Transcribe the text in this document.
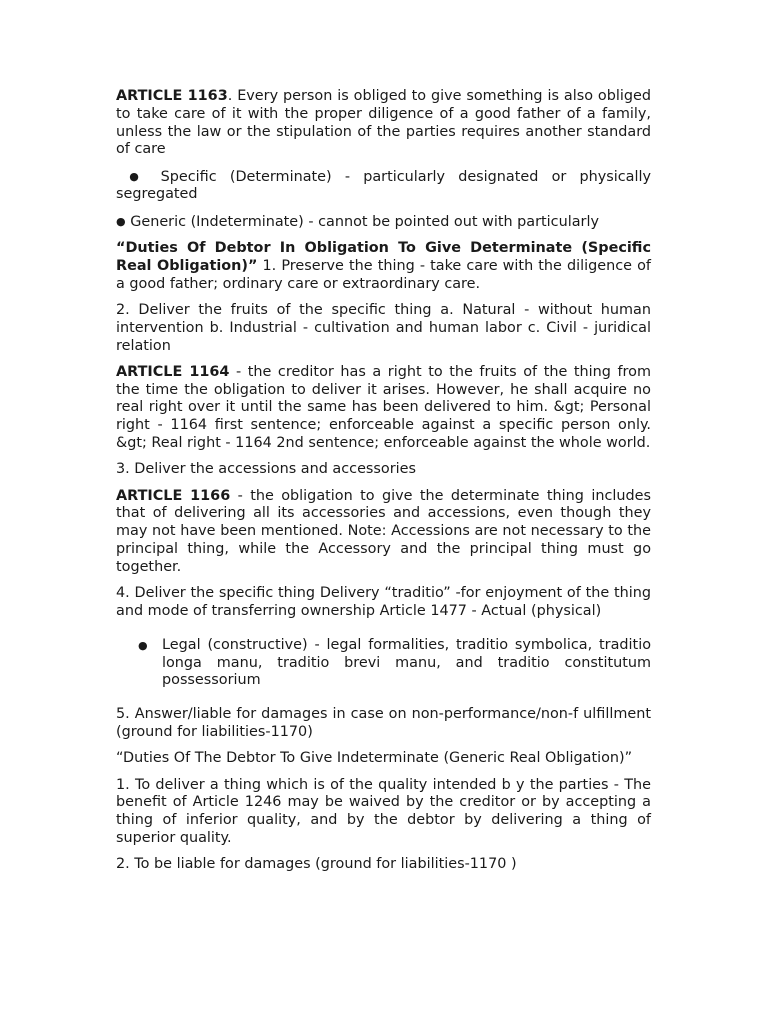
ARTICLE 1163. Every person is obliged to give something is also obliged to take care of it with the proper diligence of a good father of a family, unless the law or the stipulation of the parties requires another standard of care

● Specific (Determinate) - particularly designated or physically segregated

● Generic (Indeterminate) - cannot be pointed out with particularly

“Duties Of Debtor In Obligation To Give Determinate (Specific Real Obligation)” 1. Preserve the thing - take care with the diligence of a good father; ordinary care or extraordinary care.

2. Deliver the fruits of the specific thing a. Natural - without human intervention b. Industrial - cultivation and human labor c. Civil - juridical relation

ARTICLE 1164 - the creditor has a right to the fruits of the thing from the time the obligation to deliver it arises. However, he shall acquire no real right over it until the same has been delivered to him. &gt; Personal right - 1164 first sentence; enforceable against a specific person only. &gt; Real right - 1164 2nd sentence; enforceable against the whole world.

3. Deliver the accessions and accessories

ARTICLE 1166 - the obligation to give the determinate thing includes that of delivering all its accessories and accessions, even though they may not have been mentioned. Note: Accessions are not necessary to the principal thing, while the Accessory and the principal thing must go together.

4. Deliver the specific thing Delivery “traditio” -for enjoyment of the thing and mode of transferring ownership Article 1477 - Actual (physical)

● Legal (constructive) - legal formalities, traditio symbolica, traditio longa manu, traditio brevi manu, and traditio constitutum possessorium

5. Answer/liable for damages in case on non-performance/non-f ulfillment (ground for liabilities-1170)

“Duties Of The Debtor To Give Indeterminate (Generic Real Obligation)”

1. To deliver a thing which is of the quality intended b y the parties - The benefit of Article 1246 may be waived by the creditor or by accepting a thing of inferior quality, and by the debtor by delivering a thing of superior quality.

2. To be liable for damages (ground for liabilities-1170 )
